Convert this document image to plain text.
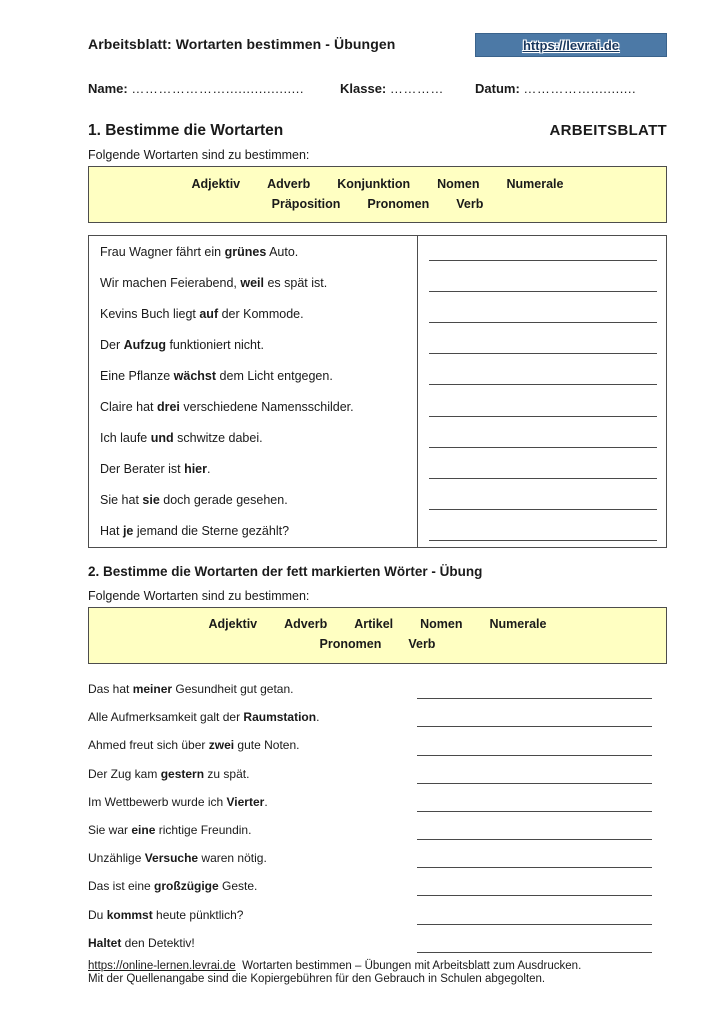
Arbeitsblatt: Wortarten bestimmen - Übungen	https://levrai.de
Name: …………………...................	Klasse: …………	Datum: ……………...........
1. Bestimme die Wortarten	ARBEITSBLATT
Folgende Wortarten sind zu bestimmen:
Adjektiv Adverb Konjunktion Nomen Numerale
Präposition Pronomen Verb
Frau Wagner fährt ein grünes Auto.
Wir machen Feierabend, weil es spät ist.
Kevins Buch liegt auf der Kommode.
Der Aufzug funktioniert nicht.
Eine Pflanze wächst dem Licht entgegen.
Claire hat drei verschiedene Namensschilder.
Ich laufe und schwitze dabei.
Der Berater ist hier .
Sie hat sie doch gerade gesehen.
Hat je jemand die Sterne gezählt?
2. Bestimme die Wortarten der fett markierten Wörter - Übung
Folgende Wortarten sind zu bestimmen:
Adjektiv Adverb Artikel Nomen Numerale
Pronomen Verb
Das hat meiner Gesundheit gut getan.
Alle Aufmerksamkeit galt der Raumstation .
Ahmed freut sich über zwei gute Noten.
Der Zug kam gestern zu spät.
Im Wettbewerb wurde ich Vierter .
Sie war eine richtige Freundin.
Unzählige Versuche waren nötig.
Das ist eine großzügige Geste.
Du kommst heute pünktlich?
Haltet den Detektiv!
https://online-lernen.levrai.de Wortarten bestimmen – Übungen mit Arbeitsblatt zum Ausdrucken.
Mit der Quellenangabe sind die Kopiergebühren für den Gebrauch in Schulen abgegolten.
